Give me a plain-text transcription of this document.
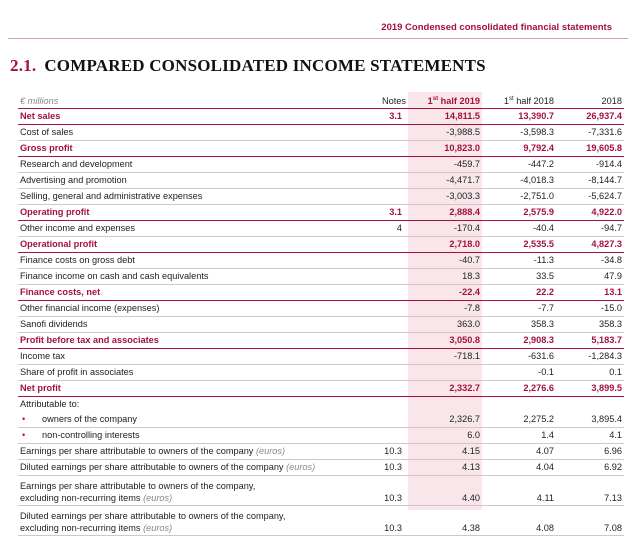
2019 Condensed consolidated financial statements
2.1. COMPARED CONSOLIDATED INCOME STATEMENTS
€ millions	Notes	1st half 2019	1st half 2018	2018
Net sales	3.1	14,811.5	13,390.7	26,937.4
Cost of sales		-3,988.5	-3,598.3	-7,331.6
Gross profit		10,823.0	9,792.4	19,605.8
Research and development		-459.7	-447.2	-914.4
Advertising and promotion		-4,471.7	-4,018.3	-8,144.7
Selling, general and administrative expenses		-3,003.3	-2,751.0	-5,624.7
Operating profit	3.1	2,888.4	2,575.9	4,922.0
Other income and expenses	4	-170.4	-40.4	-94.7
Operational profit		2,718.0	2,535.5	4,827.3
Finance costs on gross debt		-40.7	-11.3	-34.8
Finance income on cash and cash equivalents		18.3	33.5	47.9
Finance costs, net		-22.4	22.2	13.1
Other financial income (expenses)		-7.8	-7.7	-15.0
Sanofi dividends		363.0	358.3	358.3
Profit before tax and associates		3,050.8	2,908.3	5,183.7
Income tax		-718.1	-631.6	-1,284.3
Share of profit in associates			-0.1	0.1
Net profit		2,332.7	2,276.6	3,899.5
Attributable to:				
• owners of the company		2,326.7	2,275.2	3,895.4
• non-controlling interests		6.0	1.4	4.1
Earnings per share attributable to owners of the company (euros)	10.3	4.15	4.07	6.96
Diluted earnings per share attributable to owners of the company (euros)	10.3	4.13	4.04	6.92
Earnings per share attributable to owners of the company,
excluding non-recurring items (euros)	10.3	4.40	4.11	7.13
Diluted earnings per share attributable to owners of the company,
excluding non-recurring items (euros)	10.3	4.38	4.08	7.08
